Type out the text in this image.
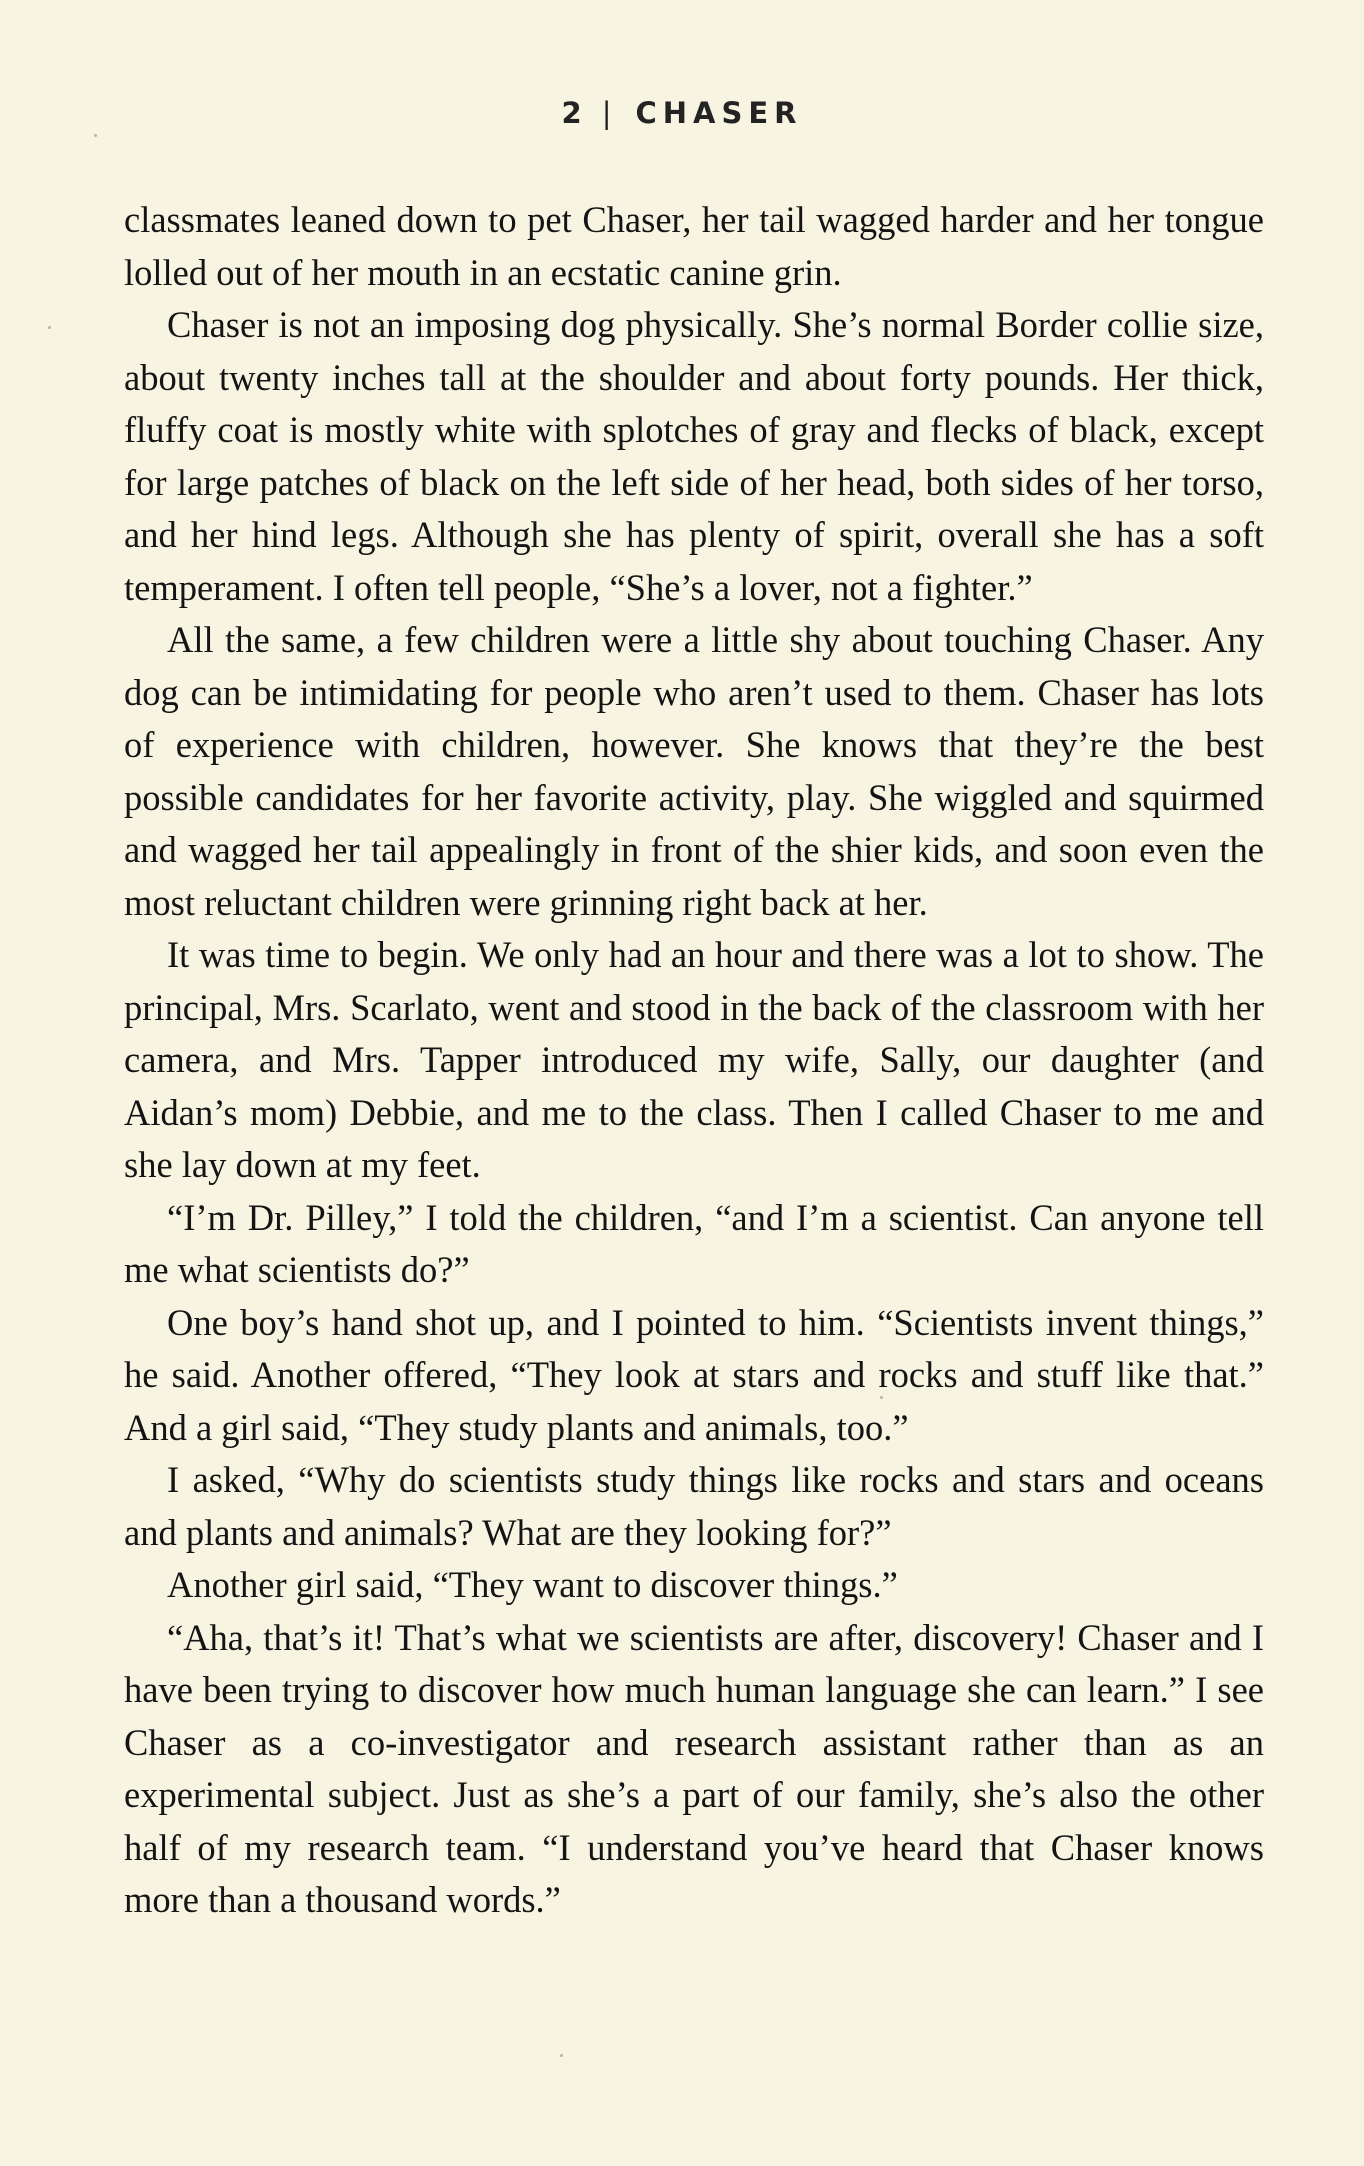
2 | CHASER

classmates leaned down to pet Chaser, her tail wagged harder and her tongue lolled out of her mouth in an ecstatic canine grin.

Chaser is not an imposing dog physically. She’s normal Border collie size, about twenty inches tall at the shoulder and about forty pounds. Her thick, fluffy coat is mostly white with splotches of gray and flecks of black, except for large patches of black on the left side of her head, both sides of her torso, and her hind legs. Although she has plenty of spirit, overall she has a soft temperament. I often tell people, “She’s a lover, not a fighter.”

All the same, a few children were a little shy about touching Chaser. Any dog can be intimidating for people who aren’t used to them. Chaser has lots of experience with children, however. She knows that they’re the best possible candidates for her favorite activity, play. She wiggled and squirmed and wagged her tail appealingly in front of the shier kids, and soon even the most reluctant children were grinning right back at her.

It was time to begin. We only had an hour and there was a lot to show. The principal, Mrs. Scarlato, went and stood in the back of the classroom with her camera, and Mrs. Tapper introduced my wife, Sally, our daughter (and Aidan’s mom) Debbie, and me to the class. Then I called Chaser to me and she lay down at my feet.

“I’m Dr. Pilley,” I told the children, “and I’m a scientist. Can anyone tell me what scientists do?”

One boy’s hand shot up, and I pointed to him. “Scientists invent things,” he said. Another offered, “They look at stars and rocks and stuff like that.” And a girl said, “They study plants and animals, too.”

I asked, “Why do scientists study things like rocks and stars and oceans and plants and animals? What are they looking for?”

Another girl said, “They want to discover things.”

“Aha, that’s it! That’s what we scientists are after, discovery! Chaser and I have been trying to discover how much human language she can learn.” I see Chaser as a co-investigator and research assistant rather than as an experimental subject. Just as she’s a part of our family, she’s also the other half of my research team. “I understand you’ve heard that Chaser knows more than a thousand words.”
